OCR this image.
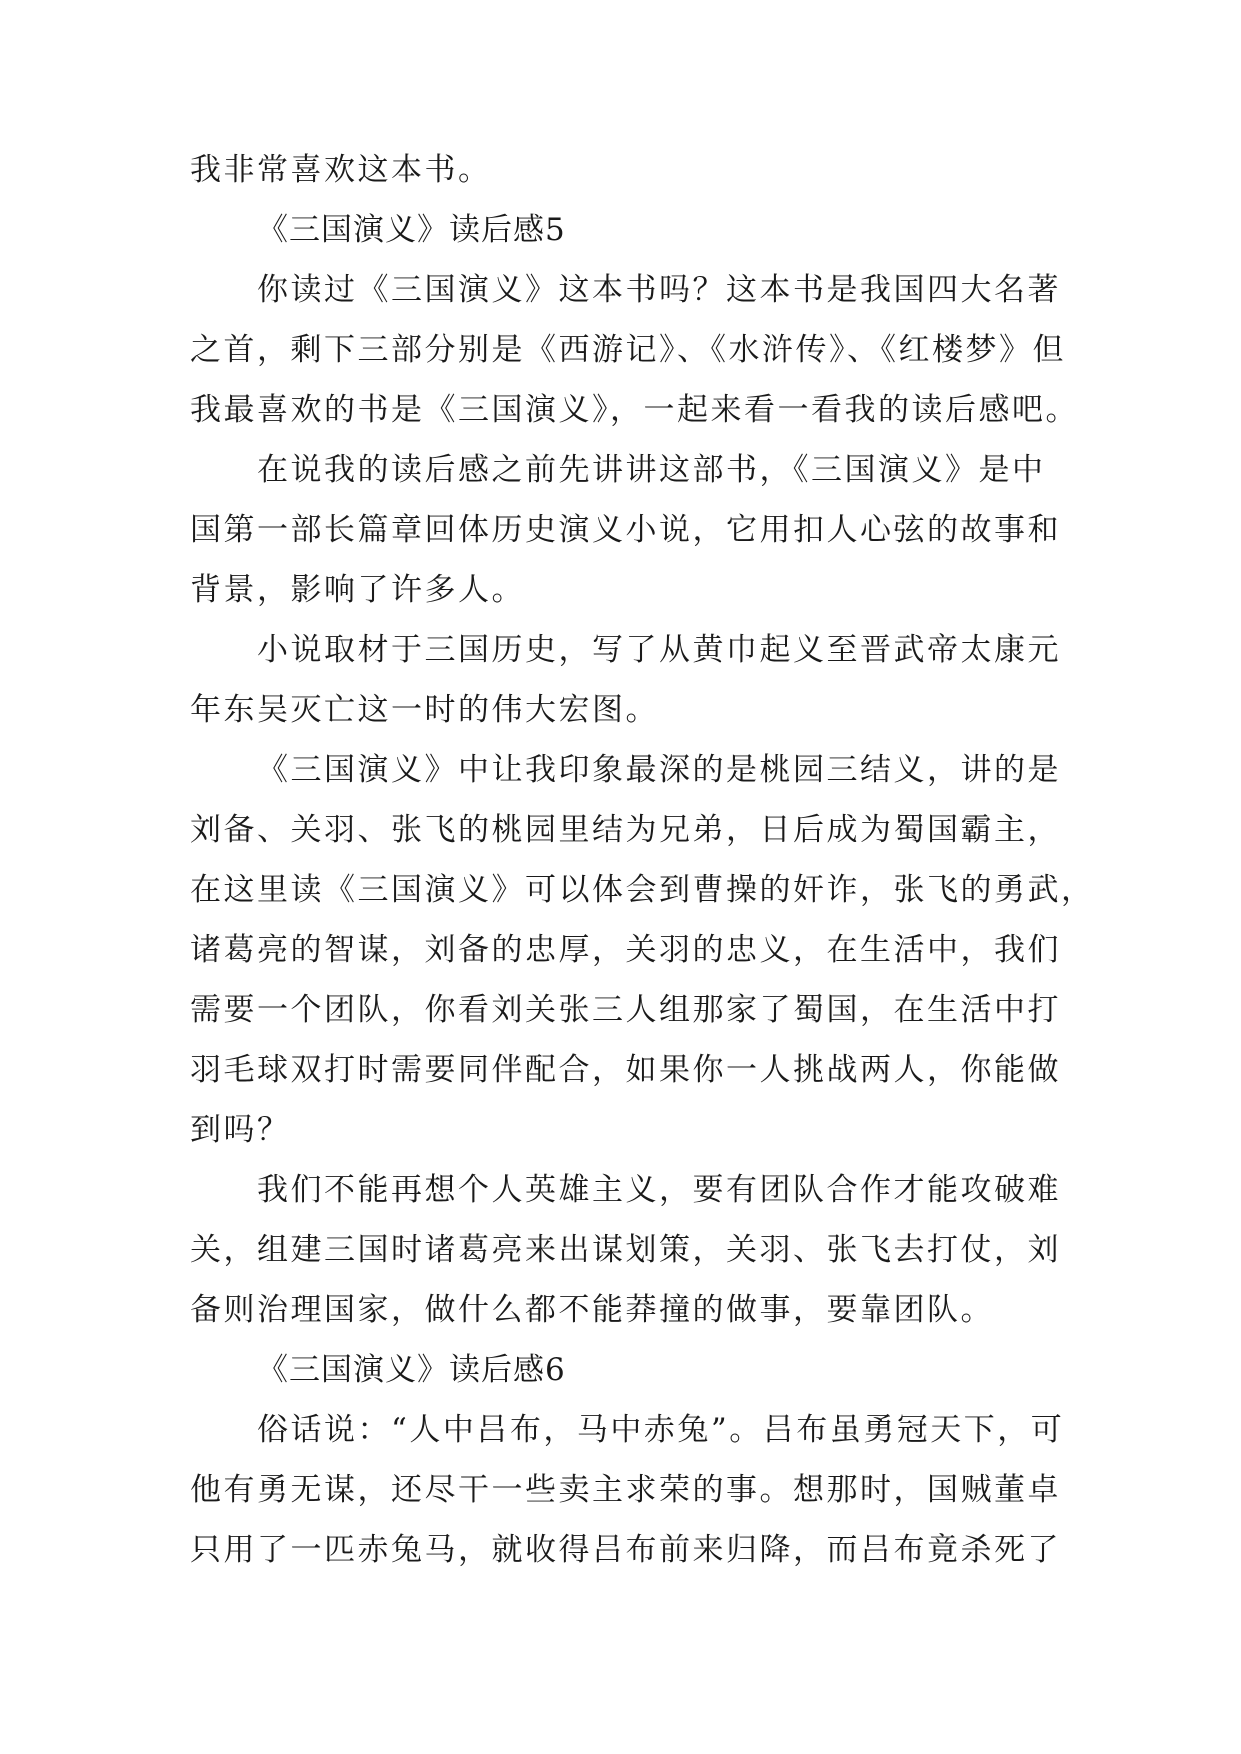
我非常喜欢这本书。
《三国演义》读后感5
你读过《三国演义》这本书吗？这本书是我国四大名著
之首，剩下三部分别是《西游记》、《水浒传》、《红楼梦》但
我最喜欢的书是《三国演义》，一起来看一看我的读后感吧。
在说我的读后感之前先讲讲这部书，《三国演义》是中
国第一部长篇章回体历史演义小说，它用扣人心弦的故事和
背景，影响了许多人。
小说取材于三国历史，写了从黄巾起义至晋武帝太康元
年东吴灭亡这一时的伟大宏图。
《三国演义》中让我印象最深的是桃园三结义，讲的是
刘备、关羽、张飞的桃园里结为兄弟，日后成为蜀国霸主，
在这里读《三国演义》可以体会到曹操的奸诈，张飞的勇武，
诸葛亮的智谋，刘备的忠厚，关羽的忠义，在生活中，我们
需要一个团队，你看刘关张三人组那家了蜀国，在生活中打
羽毛球双打时需要同伴配合，如果你一人挑战两人，你能做
到吗？
我们不能再想个人英雄主义，要有团队合作才能攻破难
关，组建三国时诸葛亮来出谋划策，关羽、张飞去打仗，刘
备则治理国家，做什么都不能莽撞的做事，要靠团队。
《三国演义》读后感6
俗话说：“人中吕布，马中赤兔”。吕布虽勇冠天下，可
他有勇无谋，还尽干一些卖主求荣的事。想那时，国贼董卓
只用了一匹赤兔马，就收得吕布前来归降，而吕布竟杀死了
